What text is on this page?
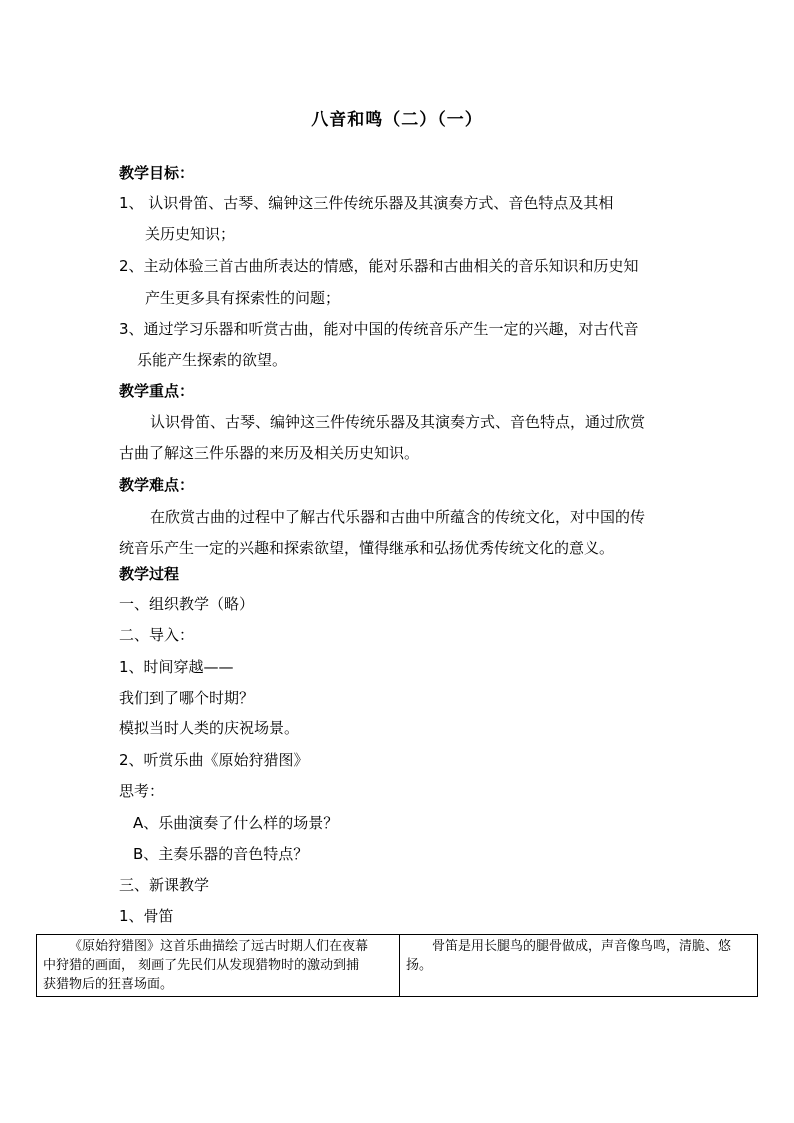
八音和鸣（二）（一）
教学目标：
1、 认识骨笛、古琴、编钟这三件传统乐器及其演奏方式、音色特点及其相
关历史知识；
2、主动体验三首古曲所表达的情感，能对乐器和古曲相关的音乐知识和历史知
产生更多具有探索性的问题；
3、通过学习乐器和听赏古曲，能对中国的传统音乐产生一定的兴趣，对古代音
乐能产生探索的欲望。
教学重点：
认识骨笛、古琴、编钟这三件传统乐器及其演奏方式、音色特点，通过欣赏
古曲了解这三件乐器的来历及相关历史知识。
教学难点：
在欣赏古曲的过程中了解古代乐器和古曲中所蕴含的传统文化，对中国的传
统音乐产生一定的兴趣和探索欲望，懂得继承和弘扬优秀传统文化的意义。
教学过程
一、组织教学（略）
二、导入：
1、时间穿越——
我们到了哪个时期？
模拟当时人类的庆祝场景。
2、听赏乐曲《原始狩猎图》
思考：
A、乐曲演奏了什么样的场景？
B、主奏乐器的音色特点？
三、新课教学
1、骨笛
《原始狩猎图》这首乐曲描绘了远古时期人们在夜幕
中狩猎的画面， 刻画了先民们从发现猎物时的激动到捕
获猎物后的狂喜场面。

骨笛是用长腿鸟的腿骨做成，声音像鸟鸣，清脆、悠
扬。
